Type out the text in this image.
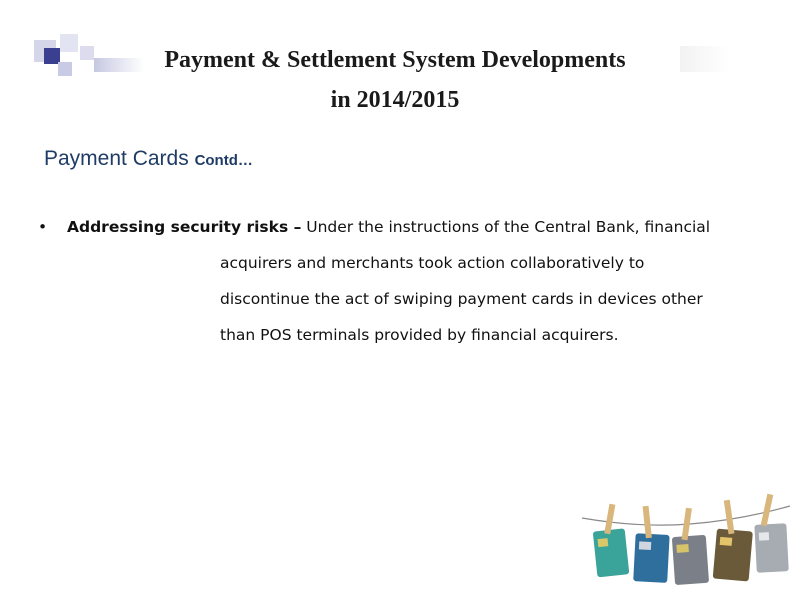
Payment & Settlement System Developments
in 2014/2015
Payment Cards Contd…
• Addressing security risks – Under the instructions of the Central Bank, financial
acquirers and merchants took action collaboratively to
discontinue the act of swiping payment cards in devices other
than POS terminals provided by financial acquirers.
